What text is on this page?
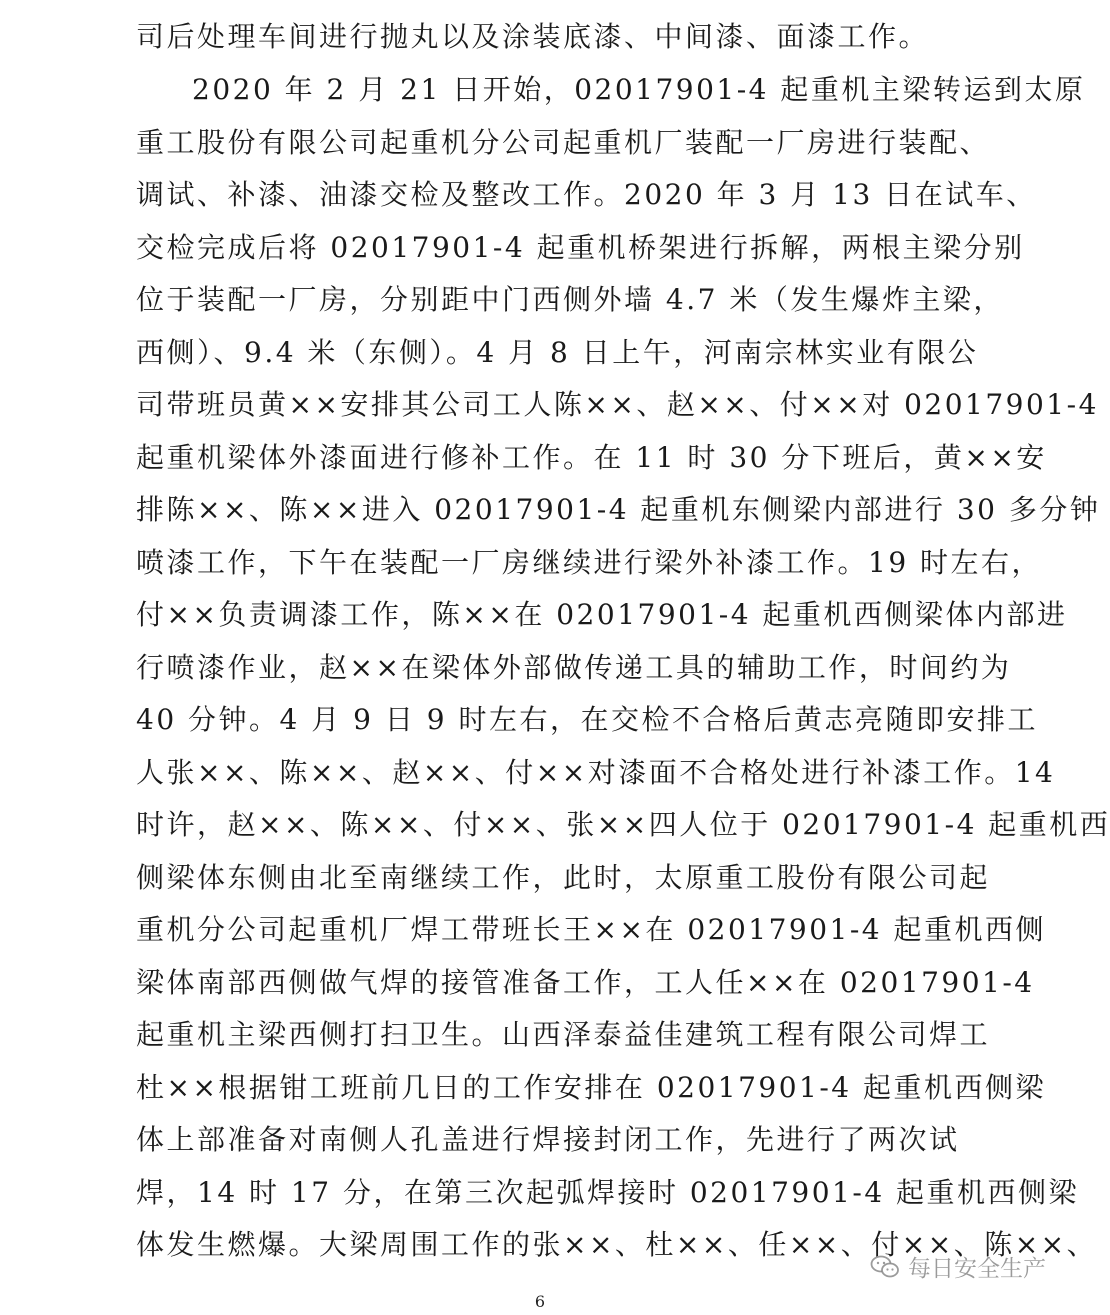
司后处理车间进行抛丸以及涂装底漆、中间漆、面漆工作。
2020 年 2 月 21 日开始，02017901-4 起重机主梁转运到太原
重工股份有限公司起重机分公司起重机厂装配一厂房进行装配、
调试、补漆、油漆交检及整改工作。2020 年 3 月 13 日在试车、
交检完成后将 02017901-4 起重机桥架进行拆解，两根主梁分别
位于装配一厂房，分别距中门西侧外墙 4.7 米（发生爆炸主梁，
西侧）、9.4 米（东侧）。4 月 8 日上午，河南宗林实业有限公
司带班员黄××安排其公司工人陈××、赵××、付××对 02017901-4
起重机梁体外漆面进行修补工作。在 11 时 30 分下班后，黄××安
排陈××、陈××进入 02017901-4 起重机东侧梁内部进行 30 多分钟
喷漆工作，下午在装配一厂房继续进行梁外补漆工作。19 时左右，
付××负责调漆工作，陈××在 02017901-4 起重机西侧梁体内部进
行喷漆作业，赵××在梁体外部做传递工具的辅助工作，时间约为
40 分钟。4 月 9 日 9 时左右，在交检不合格后黄志亮随即安排工
人张××、陈××、赵××、付××对漆面不合格处进行补漆工作。14
时许，赵××、陈××、付××、张××四人位于 02017901-4 起重机西
侧梁体东侧由北至南继续工作，此时，太原重工股份有限公司起
重机分公司起重机厂焊工带班长王××在 02017901-4 起重机西侧
梁体南部西侧做气焊的接管准备工作，工人任××在 02017901-4
起重机主梁西侧打扫卫生。山西泽泰益佳建筑工程有限公司焊工
杜××根据钳工班前几日的工作安排在 02017901-4 起重机西侧梁
体上部准备对南侧人孔盖进行焊接封闭工作，先进行了两次试
焊，14 时 17 分，在第三次起弧焊接时 02017901-4 起重机西侧梁
体发生燃爆。大梁周围工作的张××、杜××、任××、付××、陈××、
每日安全生产
6
